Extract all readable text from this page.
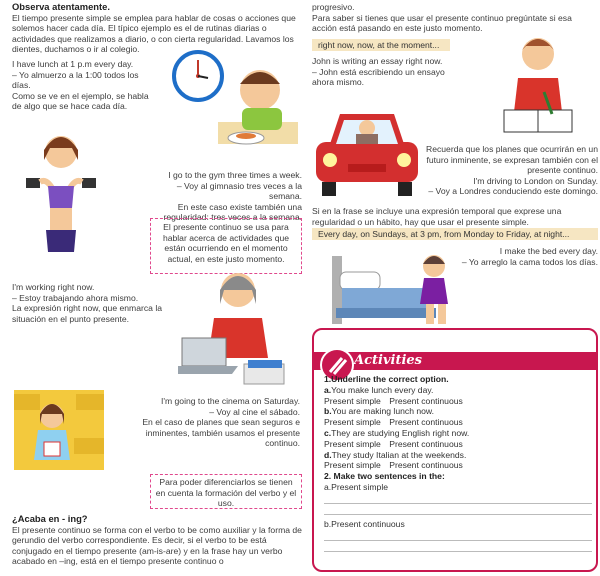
Observa atentamente.

El tiempo presente simple se emplea para hablar de cosas o acciones que solemos hacer cada día. El típico ejemplo es el de rutinas diarias o actividades que realizamos a diario, o con cierta regularidad. Lavamos los dientes, duchamos o ir al colegio.

I have lunch at 1 p.m every day.

– Yo almuerzo a la 1:00 todos los días.

Como se ve en el ejemplo, se habla de algo que se hace cada día.

I go to the gym three times a week.

– Voy al gimnasio tres veces a la semana.

En este caso existe también una regularidad: tres veces a la semana.

El presente continuo se usa para hablar acerca de actividades que están ocurriendo en el momento actual, en este justo momento.

I'm working right now.

– Estoy trabajando ahora mismo.

La expresión right now, que enmarca la situación en el punto presente.

I'm going to the cinema on Saturday.

– Voy al cine el sábado.

En el caso de planes que sean seguros e inminentes, también usamos el presente continuo.

Para poder diferenciarlos se tienen en cuenta la formación del verbo y el uso.

¿Acaba en - ing?

El presente continuo se forma con el verbo to be como auxiliar y la forma de gerundio del verbo correspondiente. Es decir, si el verbo to be está conjugado en el tiempo presente (am-is-are) y en la frase hay un verbo acabado en –ing, está en el tiempo presente continuo o

progresivo.

Para saber si tienes que usar el presente continuo pregúntate si esa acción está pasando en este justo momento.

right now, now, at the moment...

John is writing an essay right now.

– John está escribiendo un ensayo ahora mismo.

Recuerda que los planes que ocurrirán en un futuro inminente, se expresan también con el presente continuo.

I'm driving to London on Sunday.

– Voy a Londres conduciendo este domingo.

Si en la frase se incluye una expresión temporal que exprese una regularidad o un hábito, hay que usar el presente simple.

Every day, on Sundays, at 3 pm, from Monday to Friday, at night...

I make the bed every day.

– Yo arreglo la cama todos los días.

Activities

1.Underline the correct option.

a.You make lunch every day.

Present simple Present continuous

b.You are making lunch now.

Present simple Present continuous

c.They are studying English right now.

Present simple Present continuous

d.They study Italian at the weekends.

Present simple Present continuous

2. Make two sentences in the:

a.Present simple

b.Present continuous
